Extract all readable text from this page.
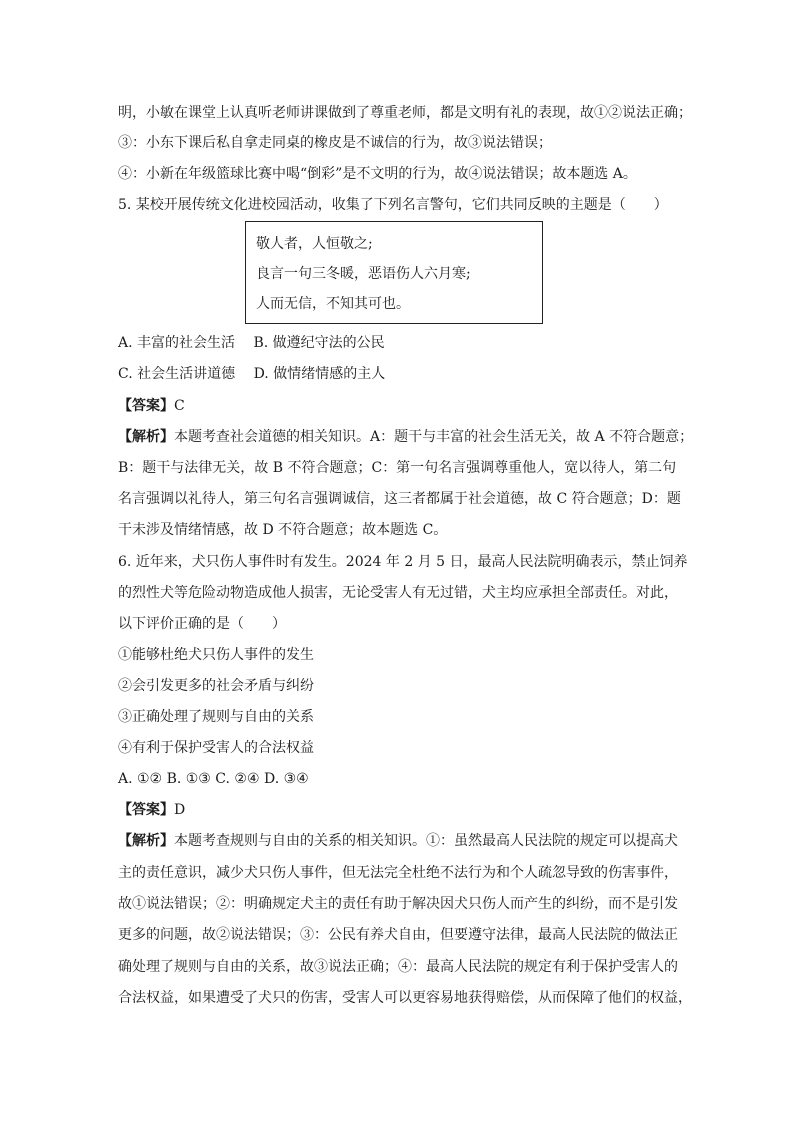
明，小敏在课堂上认真听老师讲课做到了尊重老师，都是文明有礼的表现，故①②说法正确；
③：小东下课后私自拿走同桌的橡皮是不诚信的行为，故③说法错误；
④：小新在年级篮球比赛中喝“倒彩”是不文明的行为，故④说法错误；故本题选 A。
5. 某校开展传统文化进校园活动，收集了下列名言警句，它们共同反映的主题是（　　）
敬人者，人恒敬之;
良言一句三冬暖，恶语伤人六月寒;
人而无信，不知其可也。
A. 丰富的社会生活　 B. 做遵纪守法的公民
C. 社会生活讲道德　 D. 做情绪情感的主人
【答案】C
【解析】本题考查社会道德的相关知识。A：题干与丰富的社会生活无关，故 A 不符合题意；
B：题干与法律无关，故 B 不符合题意；C：第一句名言强调尊重他人，宽以待人，第二句
名言强调以礼待人，第三句名言强调诚信，这三者都属于社会道德，故 C 符合题意；D：题
干未涉及情绪情感，故 D 不符合题意；故本题选 C。
6. 近年来，犬只伤人事件时有发生。2024 年 2 月 5 日，最高人民法院明确表示，禁止饲养
的烈性犬等危险动物造成他人损害，无论受害人有无过错，犬主均应承担全部责任。对此，
以下评价正确的是（　　）
①能够杜绝犬只伤人事件的发生
②会引发更多的社会矛盾与纠纷
③正确处理了规则与自由的关系
④有利于保护受害人的合法权益
A. ①② B. ①③ C. ②④ D. ③④
【答案】D
【解析】本题考查规则与自由的关系的相关知识。①：虽然最高人民法院的规定可以提高犬
主的责任意识，减少犬只伤人事件，但无法完全杜绝不法行为和个人疏忽导致的伤害事件，
故①说法错误；②：明确规定犬主的责任有助于解决因犬只伤人而产生的纠纷，而不是引发
更多的问题，故②说法错误；③：公民有养犬自由，但要遵守法律，最高人民法院的做法正
确处理了规则与自由的关系，故③说法正确；④：最高人民法院的规定有利于保护受害人的
合法权益，如果遭受了犬只的伤害，受害人可以更容易地获得赔偿，从而保障了他们的权益，
